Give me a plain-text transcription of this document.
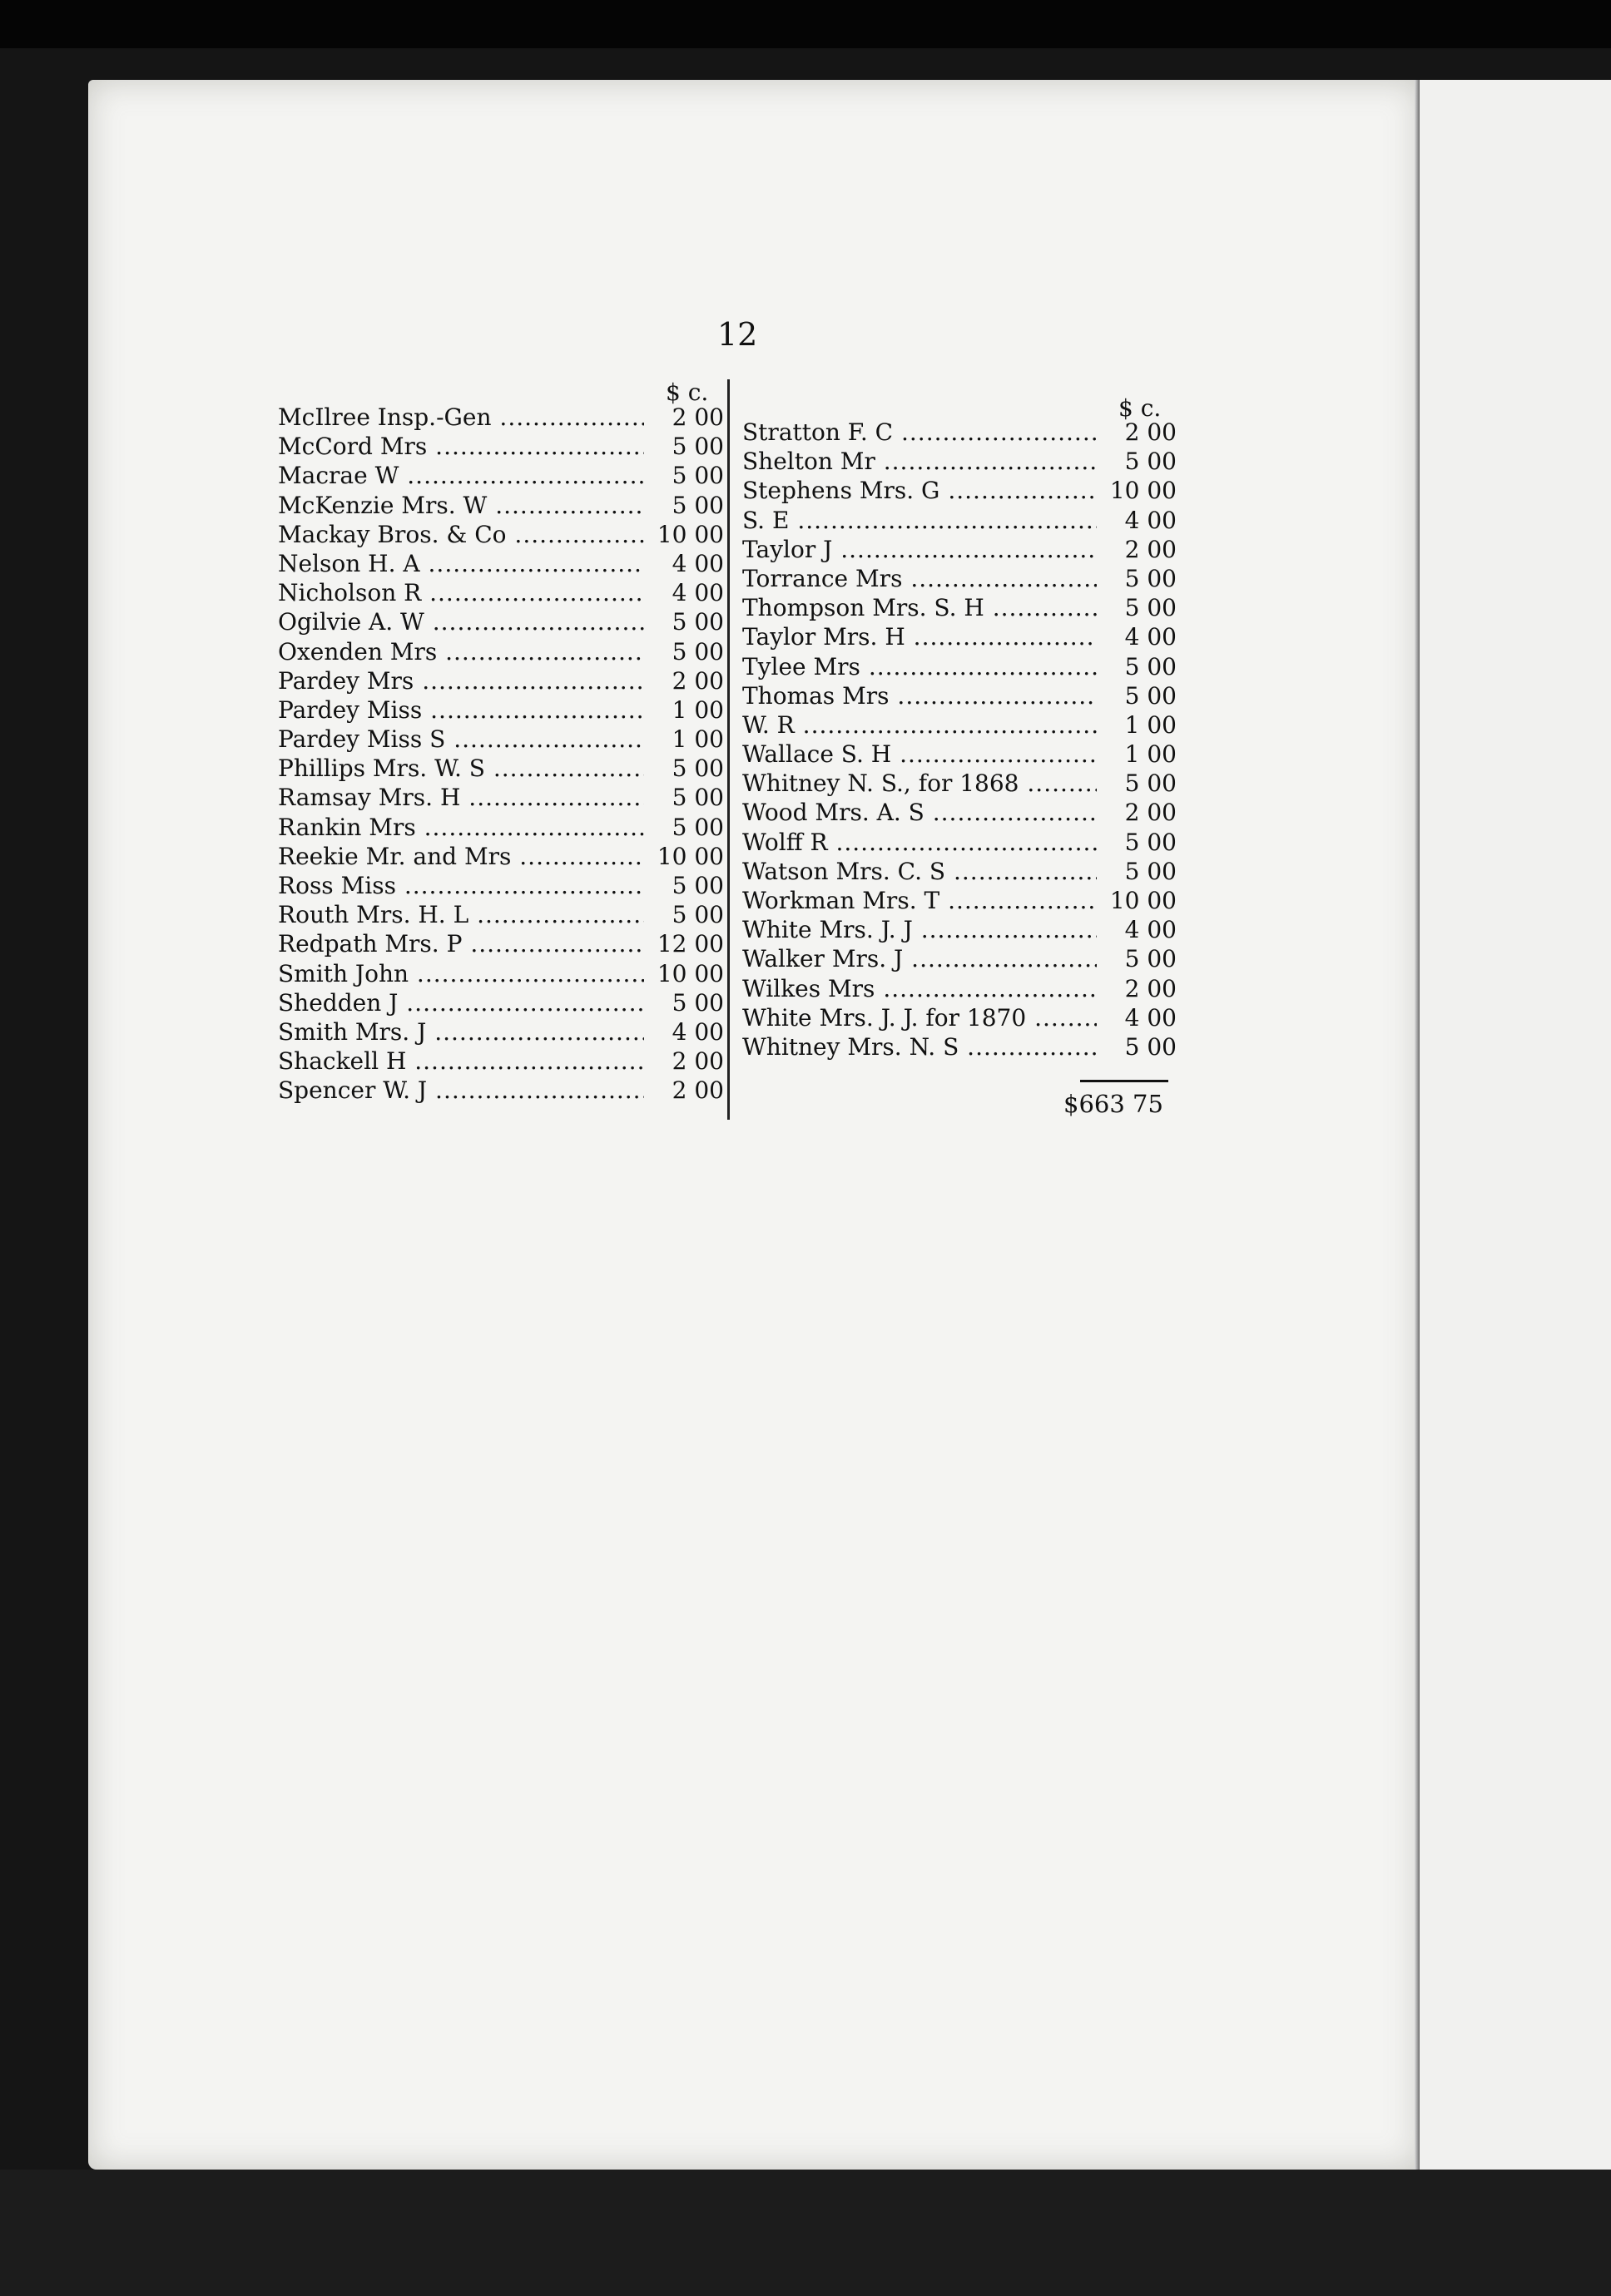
12
$ c.
$ c.
McIlree Insp.-Gen .....	2 00
McCord Mrs .....	5 00
Macrae W .....	5 00
McKenzie Mrs. W .....	5 00
Mackay Bros. & Co .....	10 00
Nelson H. A .....	4 00
Nicholson R .....	4 00
Ogilvie A. W .....	5 00
Oxenden Mrs .....	5 00
Pardey Mrs .....	2 00
Pardey Miss .....	1 00
Pardey Miss S .....	1 00
Phillips Mrs. W. S .....	5 00
Ramsay Mrs. H .....	5 00
Rankin Mrs .....	5 00
Reekie Mr. and Mrs .....	10 00
Ross Miss .....	5 00
Routh Mrs. H. L .....	5 00
Redpath Mrs. P .....	12 00
Smith John .....	10 00
Shedden J .....	5 00
Smith Mrs. J .....	4 00
Shackell H .....	2 00
Spencer W. J .....	2 00
Stratton F. C .....	2 00
Shelton Mr .....	5 00
Stephens Mrs. G .....	10 00
S. E .....	4 00
Taylor J .....	2 00
Torrance Mrs .....	5 00
Thompson Mrs. S. H .....	5 00
Taylor Mrs. H .....	4 00
Tylee Mrs .....	5 00
Thomas Mrs .....	5 00
W. R .....	1 00
Wallace S. H .....	1 00
Whitney N. S., for 1868 .....	5 00
Wood Mrs. A. S .....	2 00
Wolff R .....	5 00
Watson Mrs. C. S .....	5 00
Workman Mrs. T .....	10 00
White Mrs. J. J .....	4 00
Walker Mrs. J .....	5 00
Wilkes Mrs .....	2 00
White Mrs. J. J. for 1870 .....	4 00
Whitney Mrs. N. S .....	5 00
$663 75
